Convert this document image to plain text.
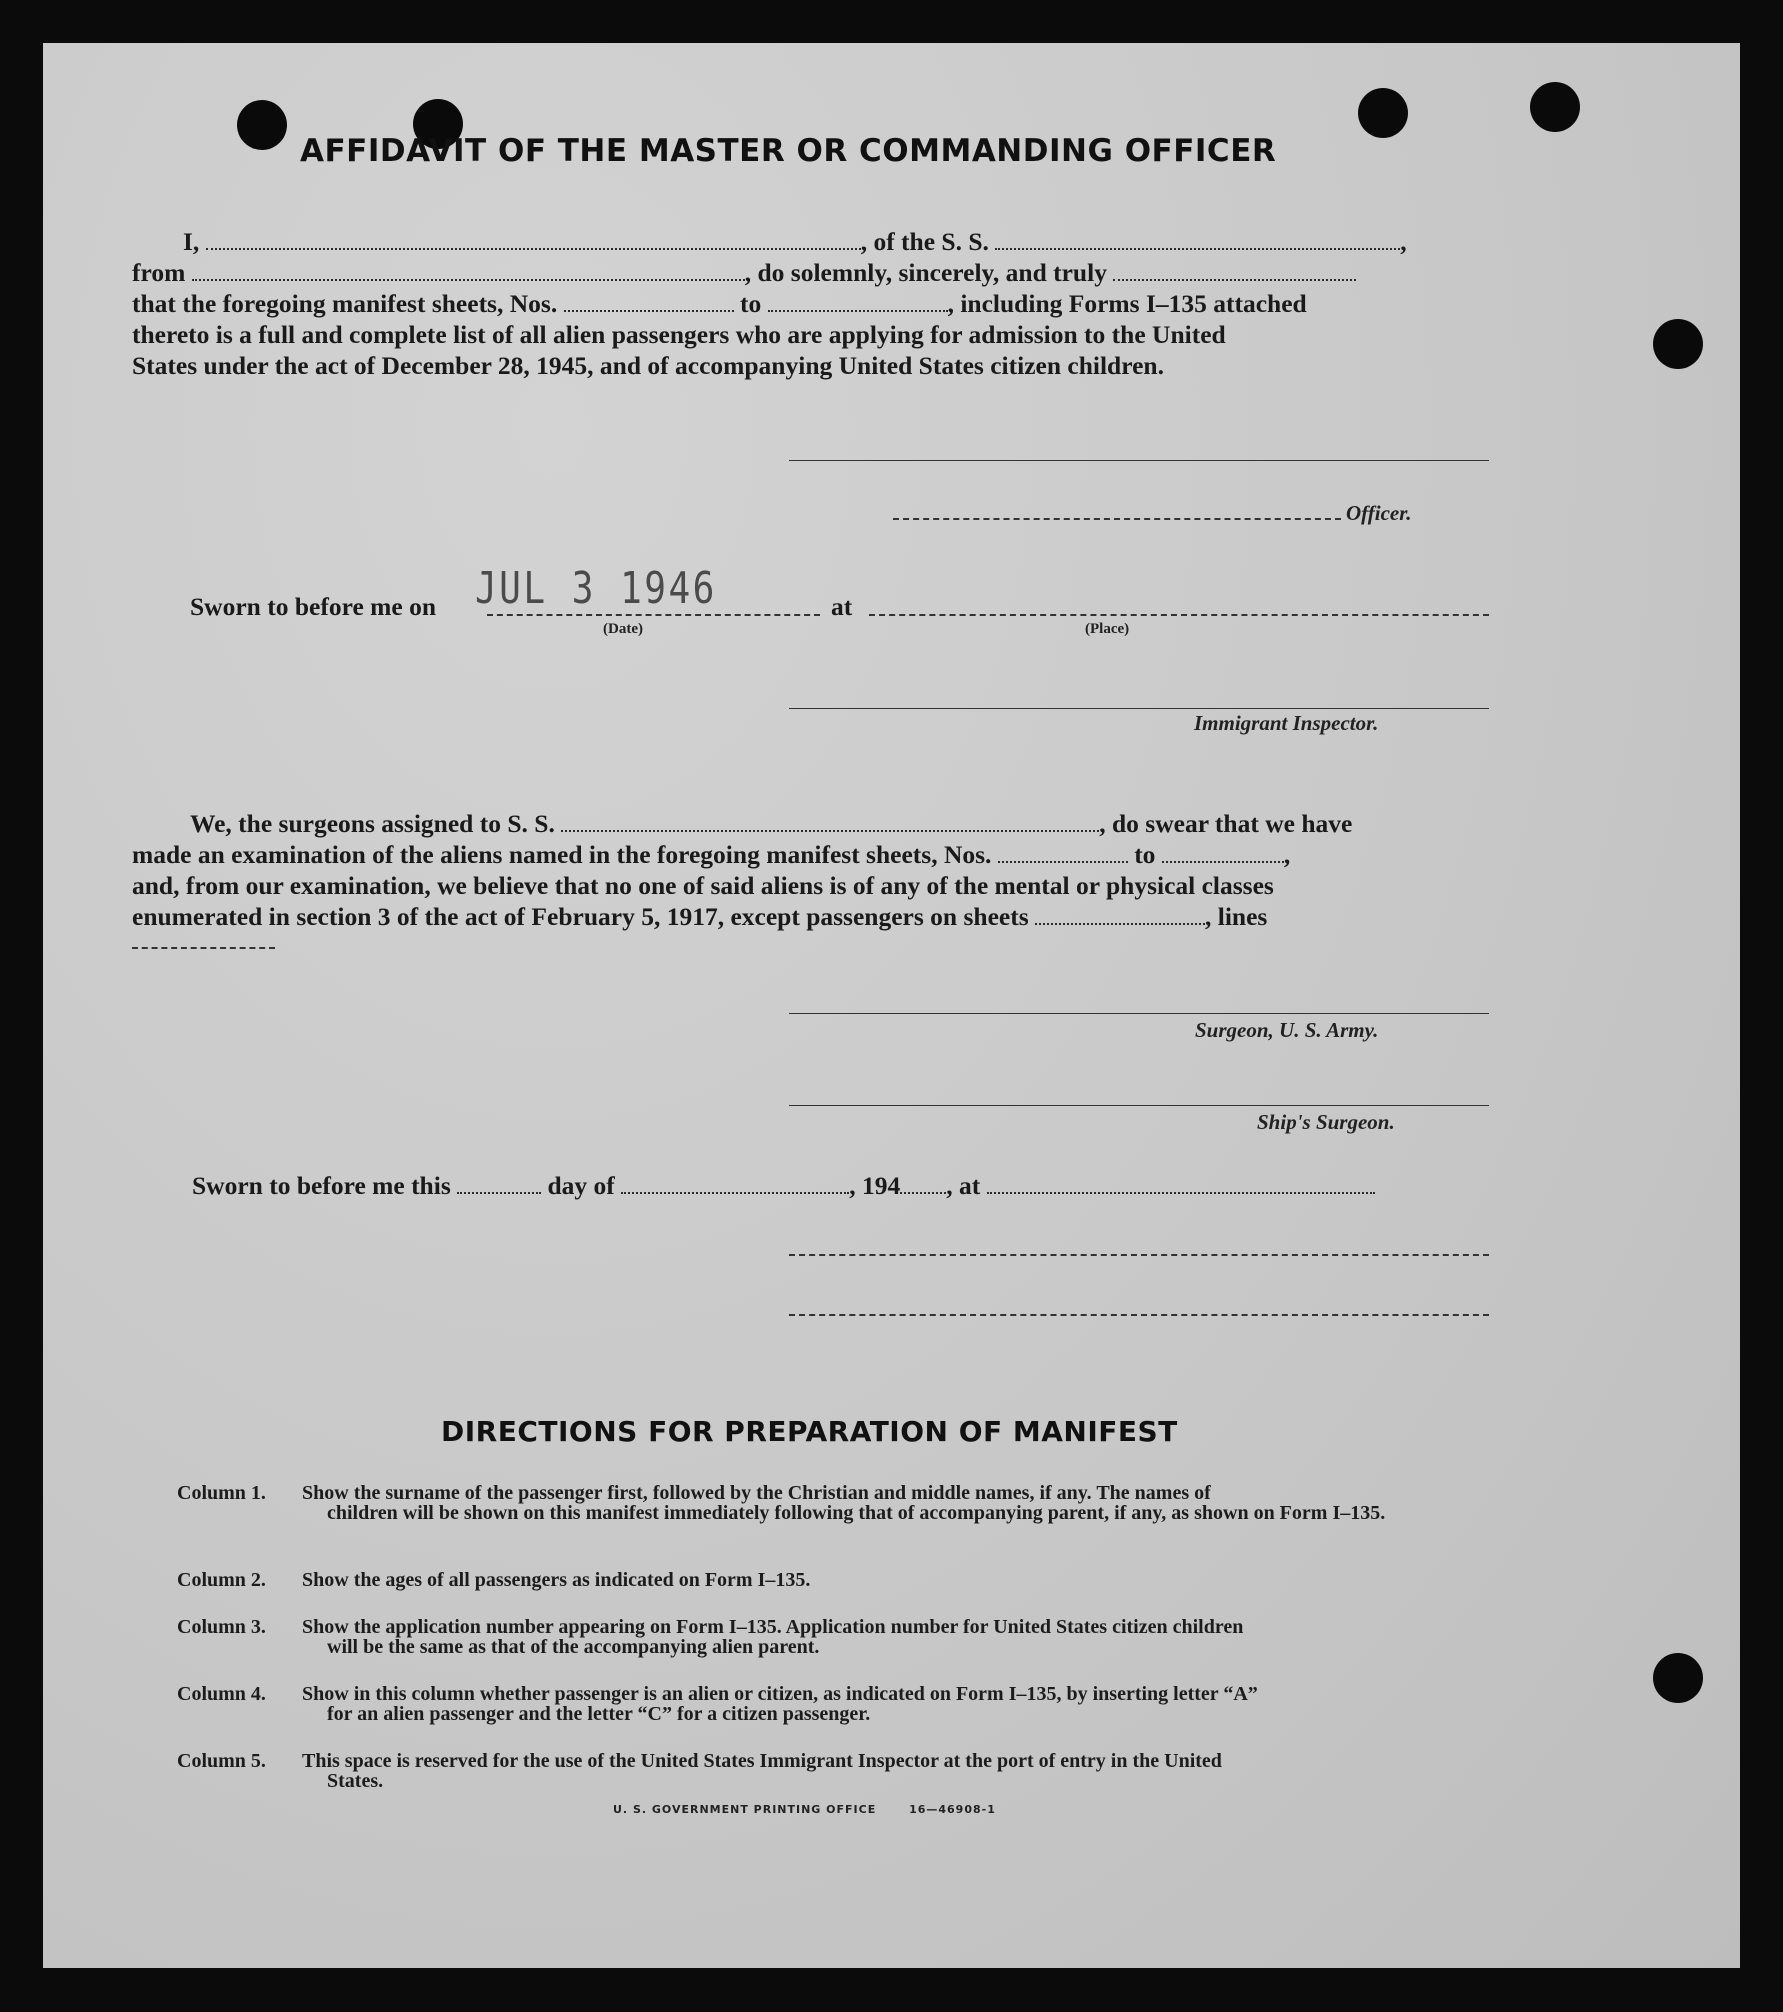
AFFIDAVIT OF THE MASTER OR COMMANDING OFFICER
I,	, of the S. S.	,
from	, do solemnly, sincerely, and truly
that the foregoing manifest sheets, Nos.	to	, including Forms I–135 attached
thereto is a full and complete list of all alien passengers who are applying for admission to the United
States under the act of December 28, 1945, and of accompanying United States citizen children.
Officer.
Sworn to before me on JUL 3 1946	at
(Date)	(Place)
Immigrant Inspector.
We, the surgeons assigned to S. S.	, do swear that we have
made an examination of the aliens named in the foregoing manifest sheets, Nos.	to	,
and, from our examination, we believe that no one of said aliens is of any of the mental or physical classes
enumerated in section 3 of the act of February 5, 1917, except passengers on sheets	, lines
Surgeon, U. S. Army.
Ship's Surgeon.
Sworn to before me this	day of	, 194 , at
DIRECTIONS FOR PREPARATION OF MANIFEST
Column 1.	Show the surname of the passenger first, followed by the Christian and middle names, if any. The names of
children will be shown on this manifest immediately following that of accompanying parent, if any, as shown on Form I–135.
Column 2.	Show the ages of all passengers as indicated on Form I–135.
Column 3.	Show the application number appearing on Form I–135. Application number for United States citizen children
will be the same as that of the accompanying alien parent.
Column 4.	Show in this column whether passenger is an alien or citizen, as indicated on Form I–135, by inserting letter “A”
for an alien passenger and the letter “C” for a citizen passenger.
Column 5.	This space is reserved for the use of the United States Immigrant Inspector at the port of entry in the United
States.
U. S. GOVERNMENT PRINTING OFFICE	16—46908-1
